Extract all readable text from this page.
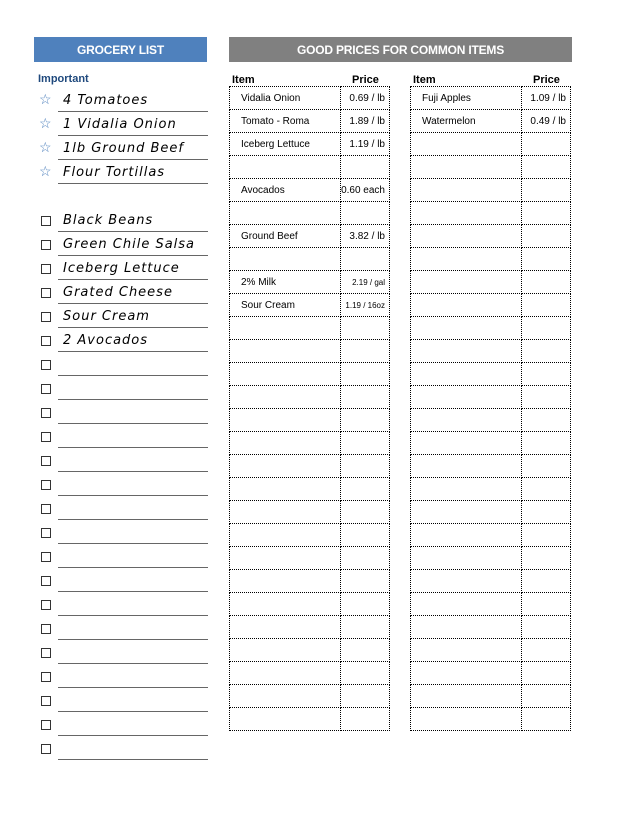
GROCERY LIST	GOOD PRICES FOR COMMON ITEMS
Important
☆ 4 Tomatoes
☆ 1 Vidalia Onion
☆ 1lb Ground Beef
☆ Flour Tortillas
Black Beans
Green Chile Salsa
Iceberg Lettuce
Grated Cheese
Sour Cream
2 Avocados
Item	Price	Item	Price
Vidalia Onion	0.69 / lb
Tomato - Roma	1.89 / lb
Iceberg Lettuce	1.19 / lb

Avocados	0.60 each

Ground Beef	3.82 / lb

2% Milk	2.19 / gal
Sour Cream	1.19 / 16oz

Fuji Apples	1.09 / lb
Watermelon	0.49 / lb
